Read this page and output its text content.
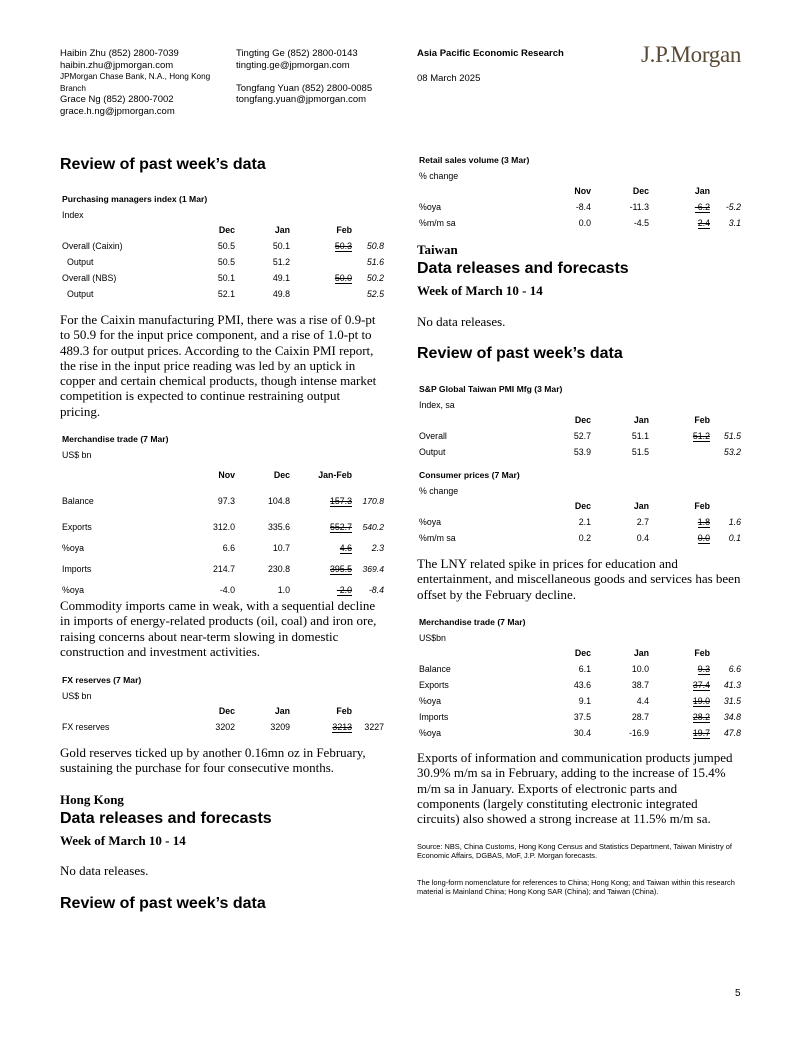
Haibin Zhu (852) 2800-7039
haibin.zhu@jpmorgan.com
JPMorgan Chase Bank, N.A., Hong Kong Branch
Grace Ng (852) 2800-7002
grace.h.ng@jpmorgan.com
Tingting Ge (852) 2800-0143
tingting.ge@jpmorgan.com
Tongfang Yuan (852) 2800-0085
tongfang.yuan@jpmorgan.com
Asia Pacific Economic Research
08 March 2025
J.P.Morgan
Review of past week’s data
Purchasing managers index (1 Mar)				
Index				
	Dec	Jan	Feb	
Overall (Caixin)	50.5	50.1	50.3	50.8
Output	50.5	51.2		51.6
Overall (NBS)	50.1	49.1	50.0	50.2
Output	52.1	49.8		52.5
For the Caixin manufacturing PMI, there was a rise of 0.9-pt to 50.9 for the input price component, and a rise of 1.0-pt to 489.3 for output prices. According to the Caixin PMI report, the rise in the input price reading was led by an uptick in copper and certain chemical products, though intense market competition is expected to continue restraining output pricing.
Merchandise trade (7 Mar)				
US$ bn				
	Nov	Dec	Jan-Feb	
Balance	97.3	104.8	157.3	170.8
Exports	312.0	335.6	552.7	540.2
%oya	6.6	10.7	4.6	2.3
Imports	214.7	230.8	395.5	369.4
%oya	-4.0	1.0	-2.0	-8.4
Commodity imports came in weak, with a sequential decline in imports of energy-related products (oil, coal) and iron ore, raising concerns about near-term slowing in domestic construction and investment activities.
FX reserves (7 Mar)				
US$ bn				
	Dec	Jan	Feb	
FX reserves	3202	3209	3213	3227
Gold reserves ticked up by another 0.16mn oz in February, sustaining the purchase for four consecutive months.
Hong Kong
Data releases and forecasts
Week of March 10 - 14
No data releases.
Review of past week’s data
Retail sales volume (3 Mar)				
% change				
	Nov	Dec	Jan	
%oya	-8.4	-11.3	-6.2	-5.2
%m/m sa	0.0	-4.5	2.4	3.1
Taiwan
Data releases and forecasts
Week of March 10 - 14
No data releases.
Review of past week’s data
S&P Global Taiwan PMI Mfg (3 Mar)				
Index, sa				
	Dec	Jan	Feb	
Overall	52.7	51.1	51.2	51.5
Output	53.9	51.5		53.2
Consumer prices (7 Mar)				
% change				
	Dec	Jan	Feb	
%oya	2.1	2.7	1.8	1.6
%m/m sa	0.2	0.4	0.0	0.1
The LNY related spike in prices for education and entertainment, and miscellaneous goods and services has been offset by the February decline.
Merchandise trade (7 Mar)				
US$bn				
	Dec	Jan	Feb	
Balance	6.1	10.0	9.3	6.6
Exports	43.6	38.7	37.4	41.3
%oya	9.1	4.4	19.0	31.5
Imports	37.5	28.7	28.2	34.8
%oya	30.4	-16.9	19.7	47.8
Exports of information and communication products jumped 30.9% m/m sa in February, adding to the increase of 15.4% m/m sa in January. Exports of electronic parts and components (largely constituting electronic integrated circuits) also showed a strong increase at 11.5% m/m sa.
Source: NBS, China Customs, Hong Kong Census and Statistics Department, Taiwan Ministry of Economic Affairs, DGBAS, MoF, J.P. Morgan forecasts.
The long-form nomenclature for references to China; Hong Kong; and Taiwan within this research material is Mainland China; Hong Kong SAR (China); and Taiwan (China).
5
